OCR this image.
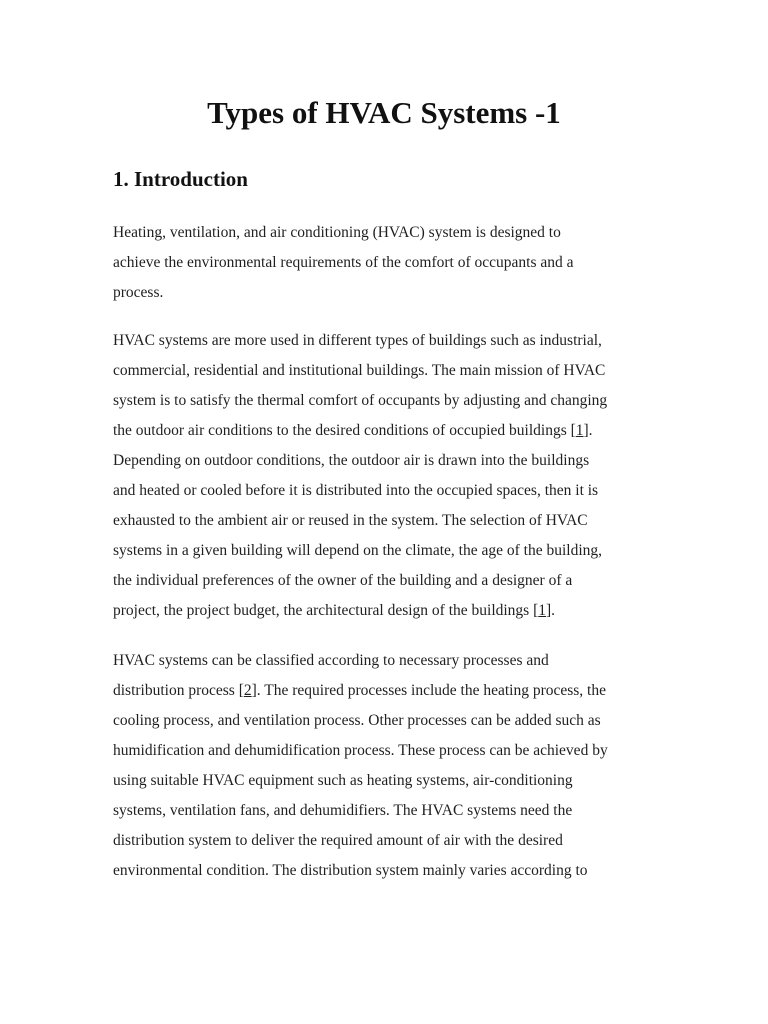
Types of HVAC Systems -1
1. Introduction

Heating, ventilation, and air conditioning (HVAC) system is designed to
achieve the environmental requirements of the comfort of occupants and a
process.

HVAC systems are more used in different types of buildings such as industrial,
commercial, residential and institutional buildings. The main mission of HVAC
system is to satisfy the thermal comfort of occupants by adjusting and changing
the outdoor air conditions to the desired conditions of occupied buildings [1].
Depending on outdoor conditions, the outdoor air is drawn into the buildings
and heated or cooled before it is distributed into the occupied spaces, then it is
exhausted to the ambient air or reused in the system. The selection of HVAC
systems in a given building will depend on the climate, the age of the building,
the individual preferences of the owner of the building and a designer of a
project, the project budget, the architectural design of the buildings [1].

HVAC systems can be classified according to necessary processes and
distribution process [2]. The required processes include the heating process, the
cooling process, and ventilation process. Other processes can be added such as
humidification and dehumidification process. These process can be achieved by
using suitable HVAC equipment such as heating systems, air-conditioning
systems, ventilation fans, and dehumidifiers. The HVAC systems need the
distribution system to deliver the required amount of air with the desired
environmental condition. The distribution system mainly varies according to
